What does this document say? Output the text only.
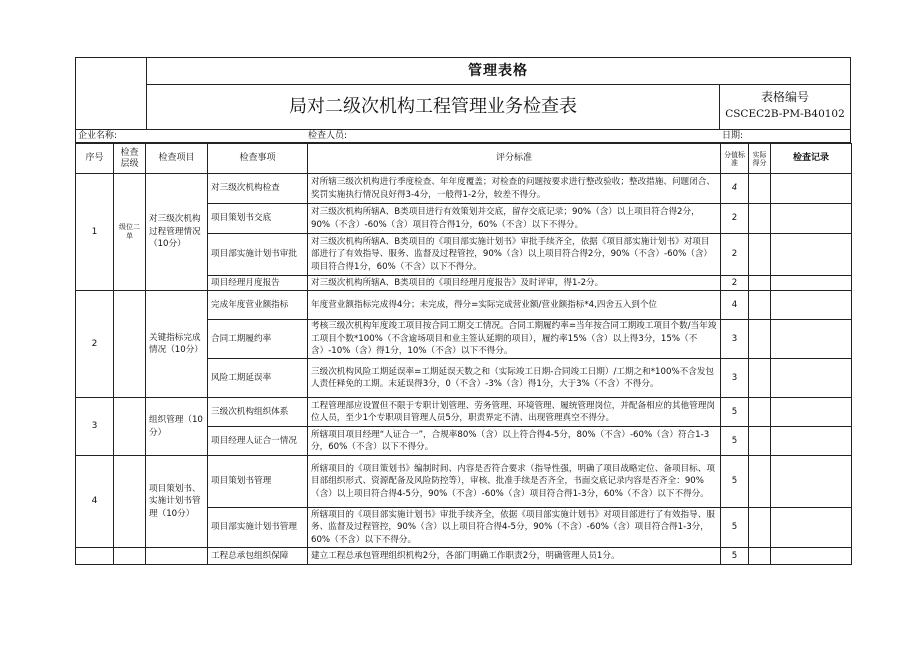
管理表格
局对二级次机构工程管理业务检查表	表格编号
CSCEC2B-PM-B40102
企业名称:	检查人员:	日期:
序号	检查层级	检查项目	检查事项	评分标准	分值标准	实际得分	检查记录
1	级位二单	对三级次机构过程管理情况（10分）	对三级次机构检查	对所辖三级次机构进行季度检查、年年度覆盖；对检查的问题按要求进行整改验收；整改措施、问题闭合、奖罚实施执行情况良好得3-4分，一般得1-2分，较差不得分。	4		
			项目策划书交底	对三级次机构所辖A、B类项目进行有效策划并交底，留存交底记录；90%（含）以上项目符合得2分，90%（不含）-60%（含）项目符合得1分，60%（不含）以下不得分。	2		
			项目部实施计划书审批	对三级次机构所辖A、B类项目的《项目部实施计划书》审批手续齐全，依据《项目部实施计划书》对项目部进行了有效指导、服务、监督及过程管控，90%（含）以上项目符合得2分，90%（不含）-60%（含）项目符合得1分，60%（不含）以下不得分。	2		
			项目经理月度报告	对三级次机构所辖A、B类项目的《项目经理月度报告》及时评审，得1-2分。	2		
2		关键指标完成情况（10分）	完成年度营业额指标	年度营业额指标完成得4分；未完成，得分=实际完成营业额/营业额指标*4,四舍五入到个位	4		
			合同工期履约率	考核三级次机构年度竣工项目按合同工期交工情况。合同工期履约率=当年按合同工期竣工项目个数/当年竣工项目个数*100%（不含逾场项目和业主签认延期的项目），履约率15%（含）以上得3分，15%（不含）-10%（含）得1分，10%（不含）以下不得分。	3		
			风险工期延误率	三级次机构风险工期延误率=工期延误天数之和（实际竣工日期-合同竣工日期）/工期之和*100%不含发包人责任释免的工期。末延误得3分，0（不含）-3%（含）得1分，大于3%（不含）不得分。	3		
3		组织管理（10分）	三级次机构组织体系	工程管理部应设置但不限于专职计划管理、劳务管理、环境管理、履统管理岗位，并配备相应的其他管理岗位人员，至少1个专职项目管理人员5分，职责界定不清、出现管理真空不得分。	5		
			项目经理人证合一情况	所辖项目项目经理“人证合一”，合规率80%（含）以上符合得4-5分，80%（不含）-60%（含）符合1-3分，60%（不含）以下不得分。	5		
4		项目策划书、实施计划书管理（10分）	项目策划书管理	所辖项目的《项目策划书》编制时间、内容是否符合要求（指导性强，明确了项目战略定位、备项目标、项目部组织形式、资源配备及风险防控等），审核、批准手续是否齐全，书面交底记录内容是否齐全：90%（含）以上项目符合得4-5分，90%（不含）-60%（含）项目符合得1-3分，60%（不含）以下不得分。	5		
			项目部实施计划书管理	所辖项目的《项目部实施计划书》审批手续齐全，依据《项目部实施计划书》对项目部进行了有效指导、服务、监督及过程管控，90%（含）以上项目符合得4-5分，90%（不含）-60%（含）项目符合得1-3分，60%（不含）以下不得分。	5		
			工程总承包组织保障	建立工程总承包管理组织机构2分，各部门明确工作职责2分，明确管理人员1分。	5		
